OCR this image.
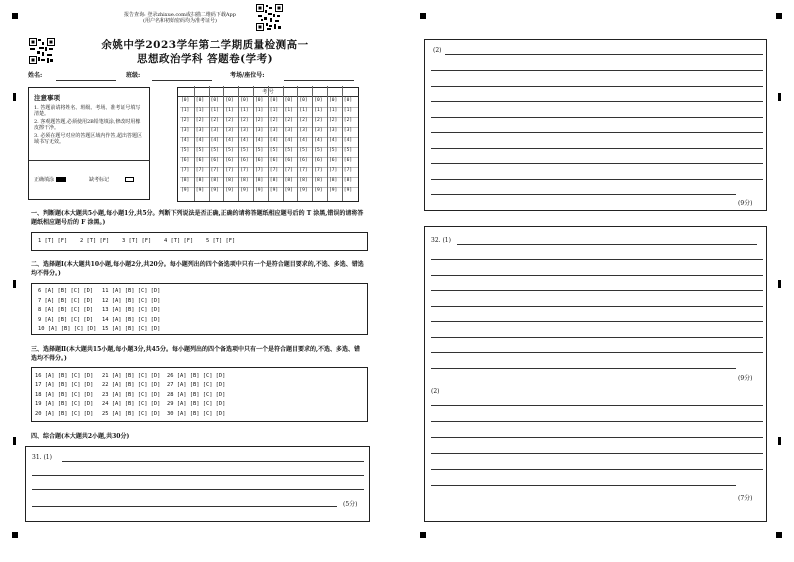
报告查询: 登录zhixue.com或扫描二维码下载App
(用户名和初始密码均为准考证号)
余姚中学2023学年第二学期质量检测高一
思想政治学科 答题卷(学考)
姓名:	班级:	考场/座位号:
注意事项
1. 答题前请将姓名、班级、考场、准考证号填写清楚。
2. 客观题答题,必须使用2B铅笔填涂,修改时用橡皮擦干净。
3. 必须在题号对应的答题区域内作答,超出答题区域书写无效。
正确填涂	缺考标记
考 号
[0] [0] [0] [0] [0] [0] [0] [0] [0] [0] [0] [0]
[1] [1] [1] [1] [1] [1] [1] [1] [1] [1] [1] [1]
[2] [2] [2] [2] [2] [2] [2] [2] [2] [2] [2] [2]
[3] [3] [3] [3] [3] [3] [3] [3] [3] [3] [3] [3]
[4] [4] [4] [4] [4] [4] [4] [4] [4] [4] [4] [4]
[5] [5] [5] [5] [5] [5] [5] [5] [5] [5] [5] [5]
[6] [6] [6] [6] [6] [6] [6] [6] [6] [6] [6] [6]
[7] [7] [7] [7] [7] [7] [7] [7] [7] [7] [7] [7]
[8] [8] [8] [8] [8] [8] [8] [8] [8] [8] [8] [8]
[9] [9] [9] [9] [9] [9] [9] [9] [9] [9] [9] [9]
一、判断题(本大题共5小题,每小题1分,共5分。判断下列说法是否正确,正确的请将答题纸相应题号后的 T 涂黑,错误的请将答题纸相应题号后的 F 涂黑。)
1 [T] [F] 2 [T] [F] 3 [T] [F] 4 [T] [F] 5 [T] [F]
二、选择题Ⅰ(本大题共10小题,每小题2分,共20分。每小题列出的四个备选项中只有一个是符合题目要求的,不选、多选、错选均不得分。)
6 [A] [B] [C] [D]
7 [A] [B] [C] [D]
8 [A] [B] [C] [D]
9 [A] [B] [C] [D]
10 [A] [B] [C] [D]
11 [A] [B] [C] [D]
12 [A] [B] [C] [D]
13 [A] [B] [C] [D]
14 [A] [B] [C] [D]
15 [A] [B] [C] [D]
三、选择题Ⅱ(本大题共15小题,每小题3分,共45分。每小题列出的四个备选项中只有一个是符合题目要求的,不选、多选、错选均不得分。)
16 [A] [B] [C] [D]
17 [A] [B] [C] [D]
18 [A] [B] [C] [D]
19 [A] [B] [C] [D]
20 [A] [B] [C] [D]
21 [A] [B] [C] [D]
22 [A] [B] [C] [D]
23 [A] [B] [C] [D]
24 [A] [B] [C] [D]
25 [A] [B] [C] [D]
26 [A] [B] [C] [D]
27 [A] [B] [C] [D]
28 [A] [B] [C] [D]
29 [A] [B] [C] [D]
30 [A] [B] [C] [D]
四、综合题(本大题共2小题,共30分)
31. (1)
(5分)
(2)
(9分)
32. (1)
(9分)
(2)
(7分)
